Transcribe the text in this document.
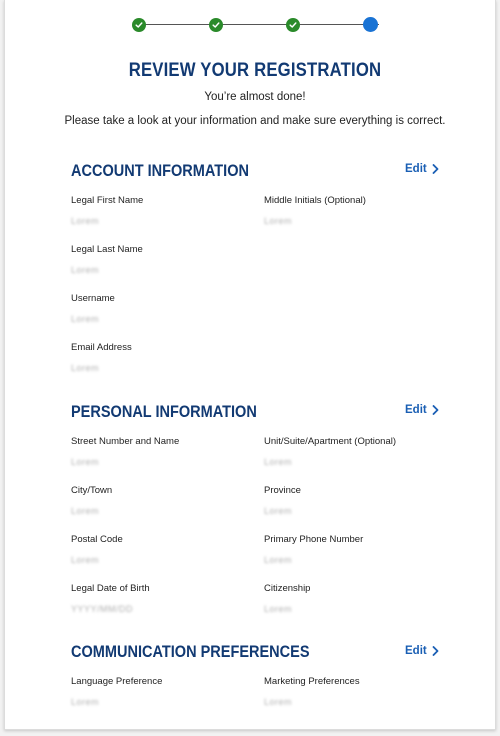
REVIEW YOUR REGISTRATION
You’re almost done!
Please take a look at your information and make sure everything is correct.
ACCOUNT INFORMATION	Edit
Legal First Name
Lorem
Middle Initials (Optional)
Lorem
Legal Last Name
Lorem
Username
Lorem
Email Address
Lorem
PERSONAL INFORMATION	Edit
Street Number and Name
Lorem
Unit/Suite/Apartment (Optional)
Lorem
City/Town
Lorem
Province
Lorem
Postal Code
Lorem
Primary Phone Number
Lorem
Legal Date of Birth
YYYY/MM/DD
Citizenship
Lorem
COMMUNICATION PREFERENCES	Edit
Language Preference
Lorem
Marketing Preferences
Lorem
